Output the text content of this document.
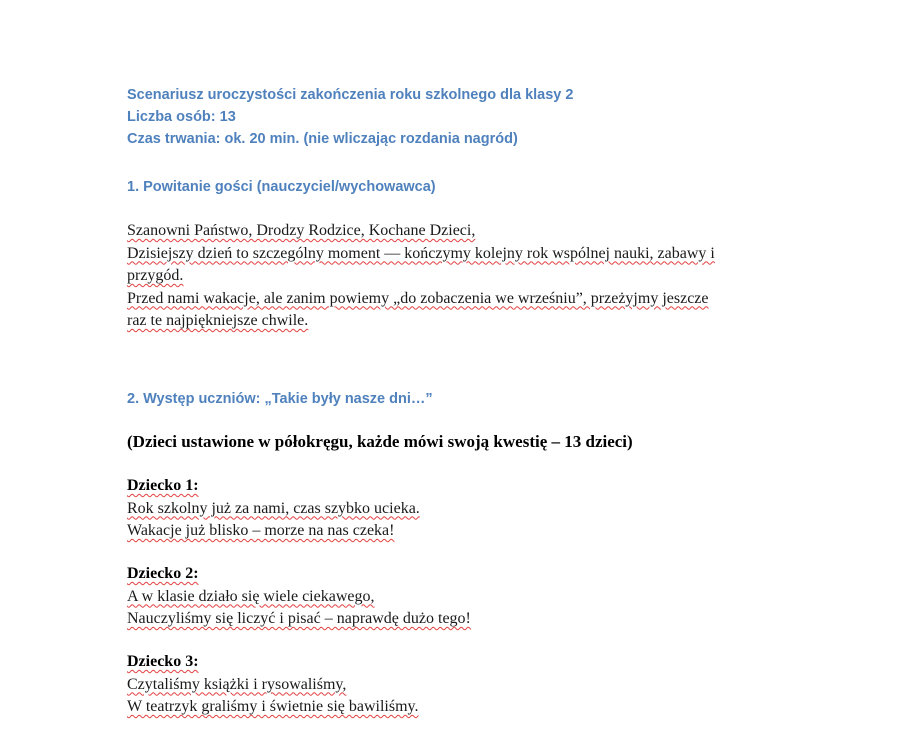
Scenariusz uroczystości zakończenia roku szkolnego dla klasy 2
Liczba osób: 13
Czas trwania: ok. 20 min. (nie wliczając rozdania nagród)
1. Powitanie gości (nauczyciel/wychowawca)
Szanowni Państwo, Drodzy Rodzice, Kochane Dzieci,
Dzisiejszy dzień to szczególny moment — kończymy kolejny rok wspólnej nauki, zabawy i
przygód.
Przed nami wakacje, ale zanim powiemy „do zobaczenia we wrześniu”, przeżyjmy jeszcze
raz te najpiękniejsze chwile.
2. Występ uczniów: „Takie były nasze dni…”
(Dzieci ustawione w półokręgu, każde mówi swoją kwestię – 13 dzieci)
Dziecko 1:
Rok szkolny już za nami, czas szybko ucieka.
Wakacje już blisko – morze na nas czeka!
Dziecko 2:
A w klasie działo się wiele ciekawego,
Nauczyliśmy się liczyć i pisać – naprawdę dużo tego!
Dziecko 3:
Czytaliśmy książki i rysowaliśmy,
W teatrzyk graliśmy i świetnie się bawiliśmy.
